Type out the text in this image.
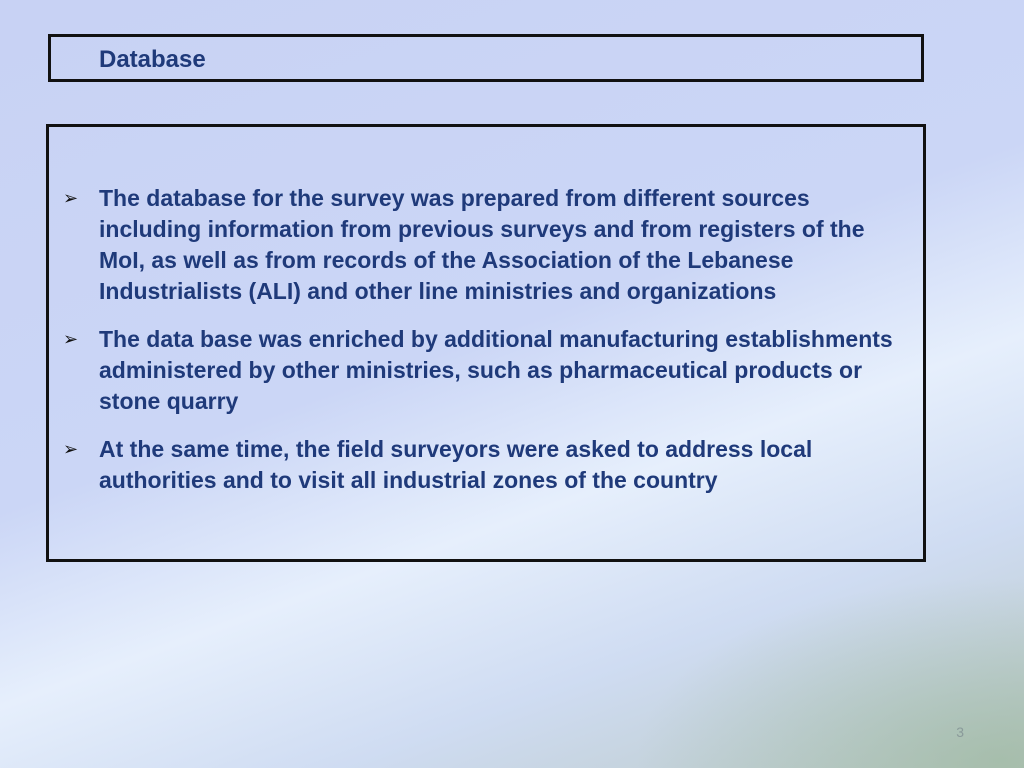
Database
➢ The database for the survey was prepared from different sources including information from previous surveys and from registers of the MoI, as well as from records of the Association of the Lebanese Industrialists (ALI) and other line ministries and organizations
➢ The data base was enriched by additional manufacturing establishments administered by other ministries, such as pharmaceutical products or stone quarry
➢ At the same time, the field surveyors were asked to address local authorities and to visit all industrial zones of the country
3
